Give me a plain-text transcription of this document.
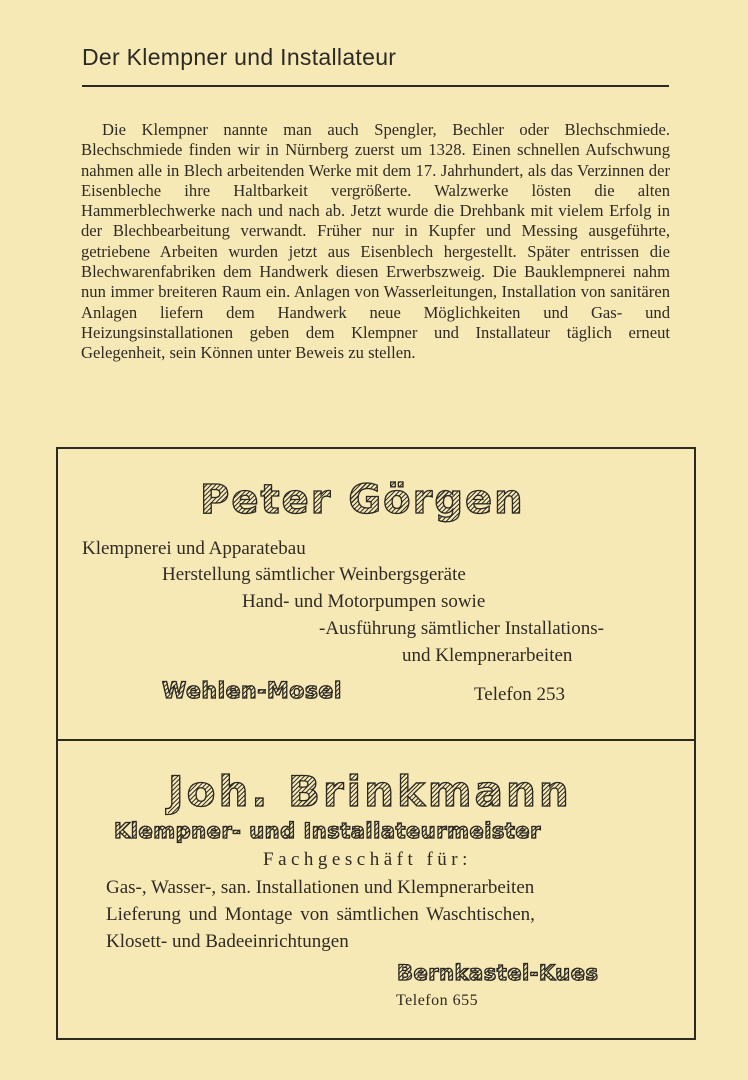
Der Klempner und Installateur

Die Klempner nannte man auch Spengler, Bechler oder Blechschmiede. Blechschmiede finden wir in Nürnberg zuerst um 1328. Einen schnellen Aufschwung nahmen alle in Blech arbeitenden Werke mit dem 17. Jahrhundert, als das Verzinnen der Eisenbleche ihre Haltbarkeit vergrößerte. Walzwerke lösten die alten Hammerblechwerke nach und nach ab. Jetzt wurde die Drehbank mit vielem Erfolg in der Blechbearbeitung verwandt. Früher nur in Kupfer und Messing ausgeführte, getriebene Arbeiten wurden jetzt aus Eisenblech hergestellt. Später entrissen die Blechwarenfabriken dem Handwerk diesen Erwerbszweig. Die Bauklempnerei nahm nun immer breiteren Raum ein. Anlagen von Wasserleitungen, Installation von sanitären Anlagen liefern dem Handwerk neue Möglichkeiten und Gas- und Heizungsinstallationen geben dem Klempner und Installateur täglich erneut Gelegenheit, sein Können unter Beweis zu stellen.

Peter Görgen
Klempnerei und Apparatebau
Herstellung sämtlicher Weinbergsgeräte
Hand- und Motorpumpen sowie
-Ausführung sämtlicher Installations-
und Klempnerarbeiten
Wehlen-Mosel	Telefon 253
Joh. Brinkmann
Klempner- und Installateurmeister
Fachgeschäft für:
Gas-, Wasser-, san. Installationen und Klempnerarbeiten
Lieferung und Montage von sämtlichen Waschtischen,
Klosett- und Badeeinrichtungen
Bernkastel-Kues
Telefon 655
